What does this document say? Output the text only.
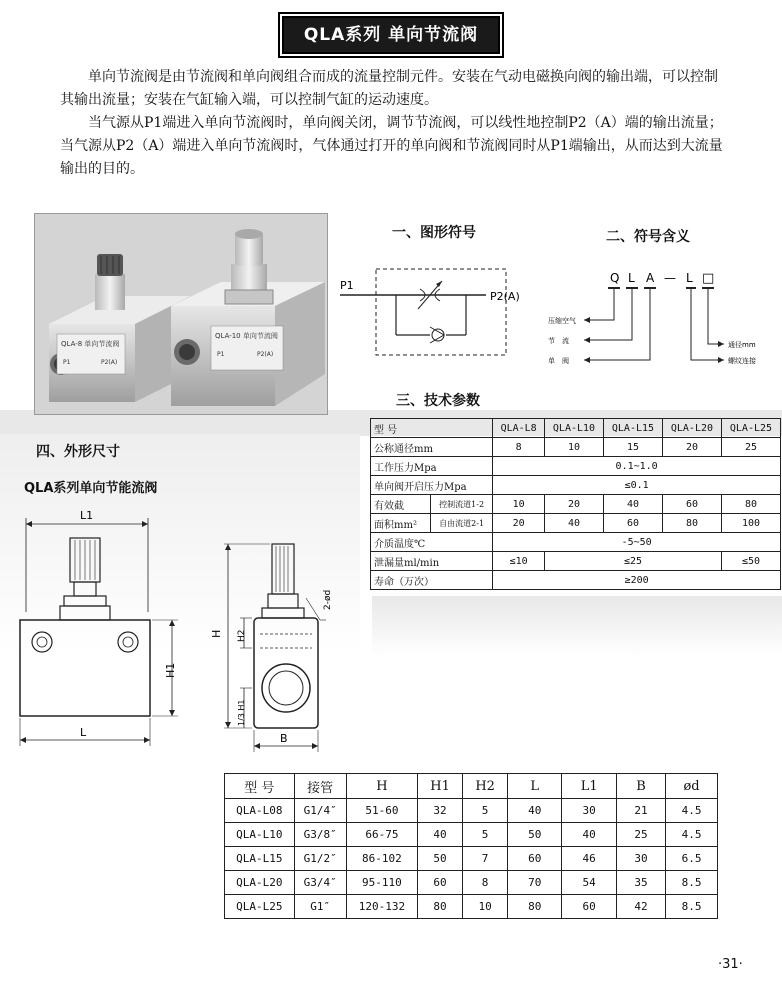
QLA系列 单向节流阀

单向节流阀是由节流阀和单向阀组合而成的流量控制元件。安装在气动电磁换向阀的输出端，可以控制其输出流量；安装在气缸输入端，可以控制气缸的运动速度。

当气源从P1端进入单向节流阀时，单向阀关闭，调节节流阀，可以线性地控制P2（A）端的输出流量；当气源从P2（A）端进入单向节流阀时，气体通过打开的单向阀和节流阀同时从P1端输出，从而达到大流量输出的目的。

QLA-8 单向节流阀
P1	P2(A)
QLA-10 单向节流阀
P1	P2(A)
一、图形符号	二、符号含义
三、技术参数
四、外形尺寸
QLA系列单向节能流阀
P1
P2(A)
Q L A — L □
压缩空气
节　流
单　阀
通径mm
螺纹连接
型 号		QLA-L8	QLA-L10	QLA-L15	QLA-L20	QLA-L25
公称通径mm		8	10	15	20	25
工作压力Mpa		0.1~1.0				
单向阀开启压力Mpa		≤0.1				
有效截	控制流道1-2	10	20	40	60	80
面积mm²	自由流道2-1	20	40	60	80	100
介质温度℃		-5~50				
泄漏量ml/min		≤10	≤25			≤50
寿命（万次）		≥200				
L1
H1
L
H H2
1/3 H1
2-ød
B
型 号	接管	H	H1	H2	L	L1	B	ød
QLA-L08	G1/4″	51-60	32	5	40	30	21	4.5
QLA-L10	G3/8″	66-75	40	5	50	40	25	4.5
QLA-L15	G1/2″	86-102	50	7	60	46	30	6.5
QLA-L20	G3/4″	95-110	60	8	70	54	35	8.5
QLA-L25	G1″	120-132	80	10	80	60	42	8.5
·31·
